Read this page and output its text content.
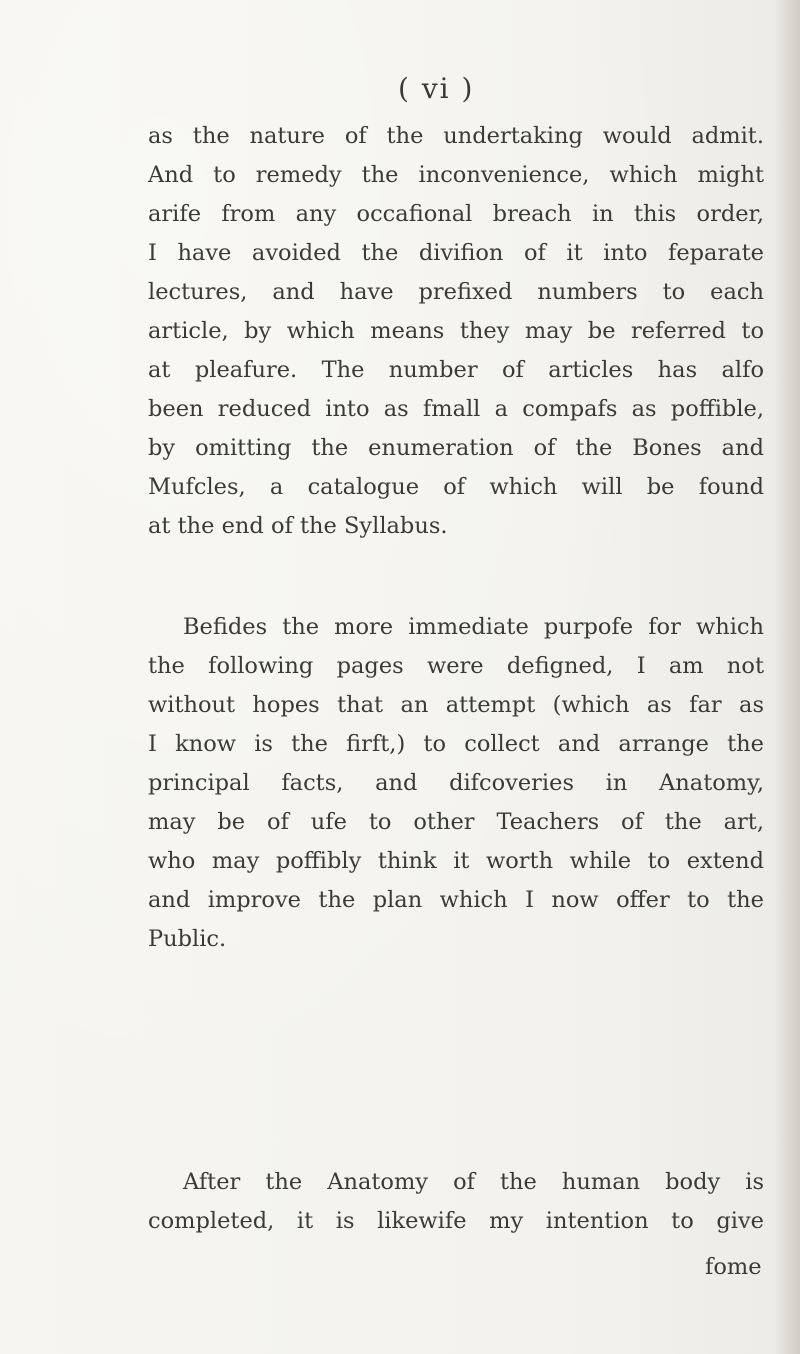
( vi )
as the nature of the undertaking would admit.
And to remedy the inconvenience, which might
arife from any occafional breach in this order,
I have avoided the divifion of it into feparate
lectures, and have prefixed numbers to each
article, by which means they may be referred to
at pleafure. The number of articles has alfo
been reduced into as fmall a compafs as poffible,
by omitting the enumeration of the Bones and
Mufcles, a catalogue of which will be found
at the end of the Syllabus.
Befides the more immediate purpofe for which
the following pages were defigned, I am not
without hopes that an attempt (which as far as
I know is the firft,) to collect and arrange the
principal facts, and difcoveries in Anatomy,
may be of ufe to other Teachers of the art,
who may poffibly think it worth while to extend
and improve the plan which I now offer to the
Public.
After the Anatomy of the human body is
completed, it is likewife my intention to give
fome
